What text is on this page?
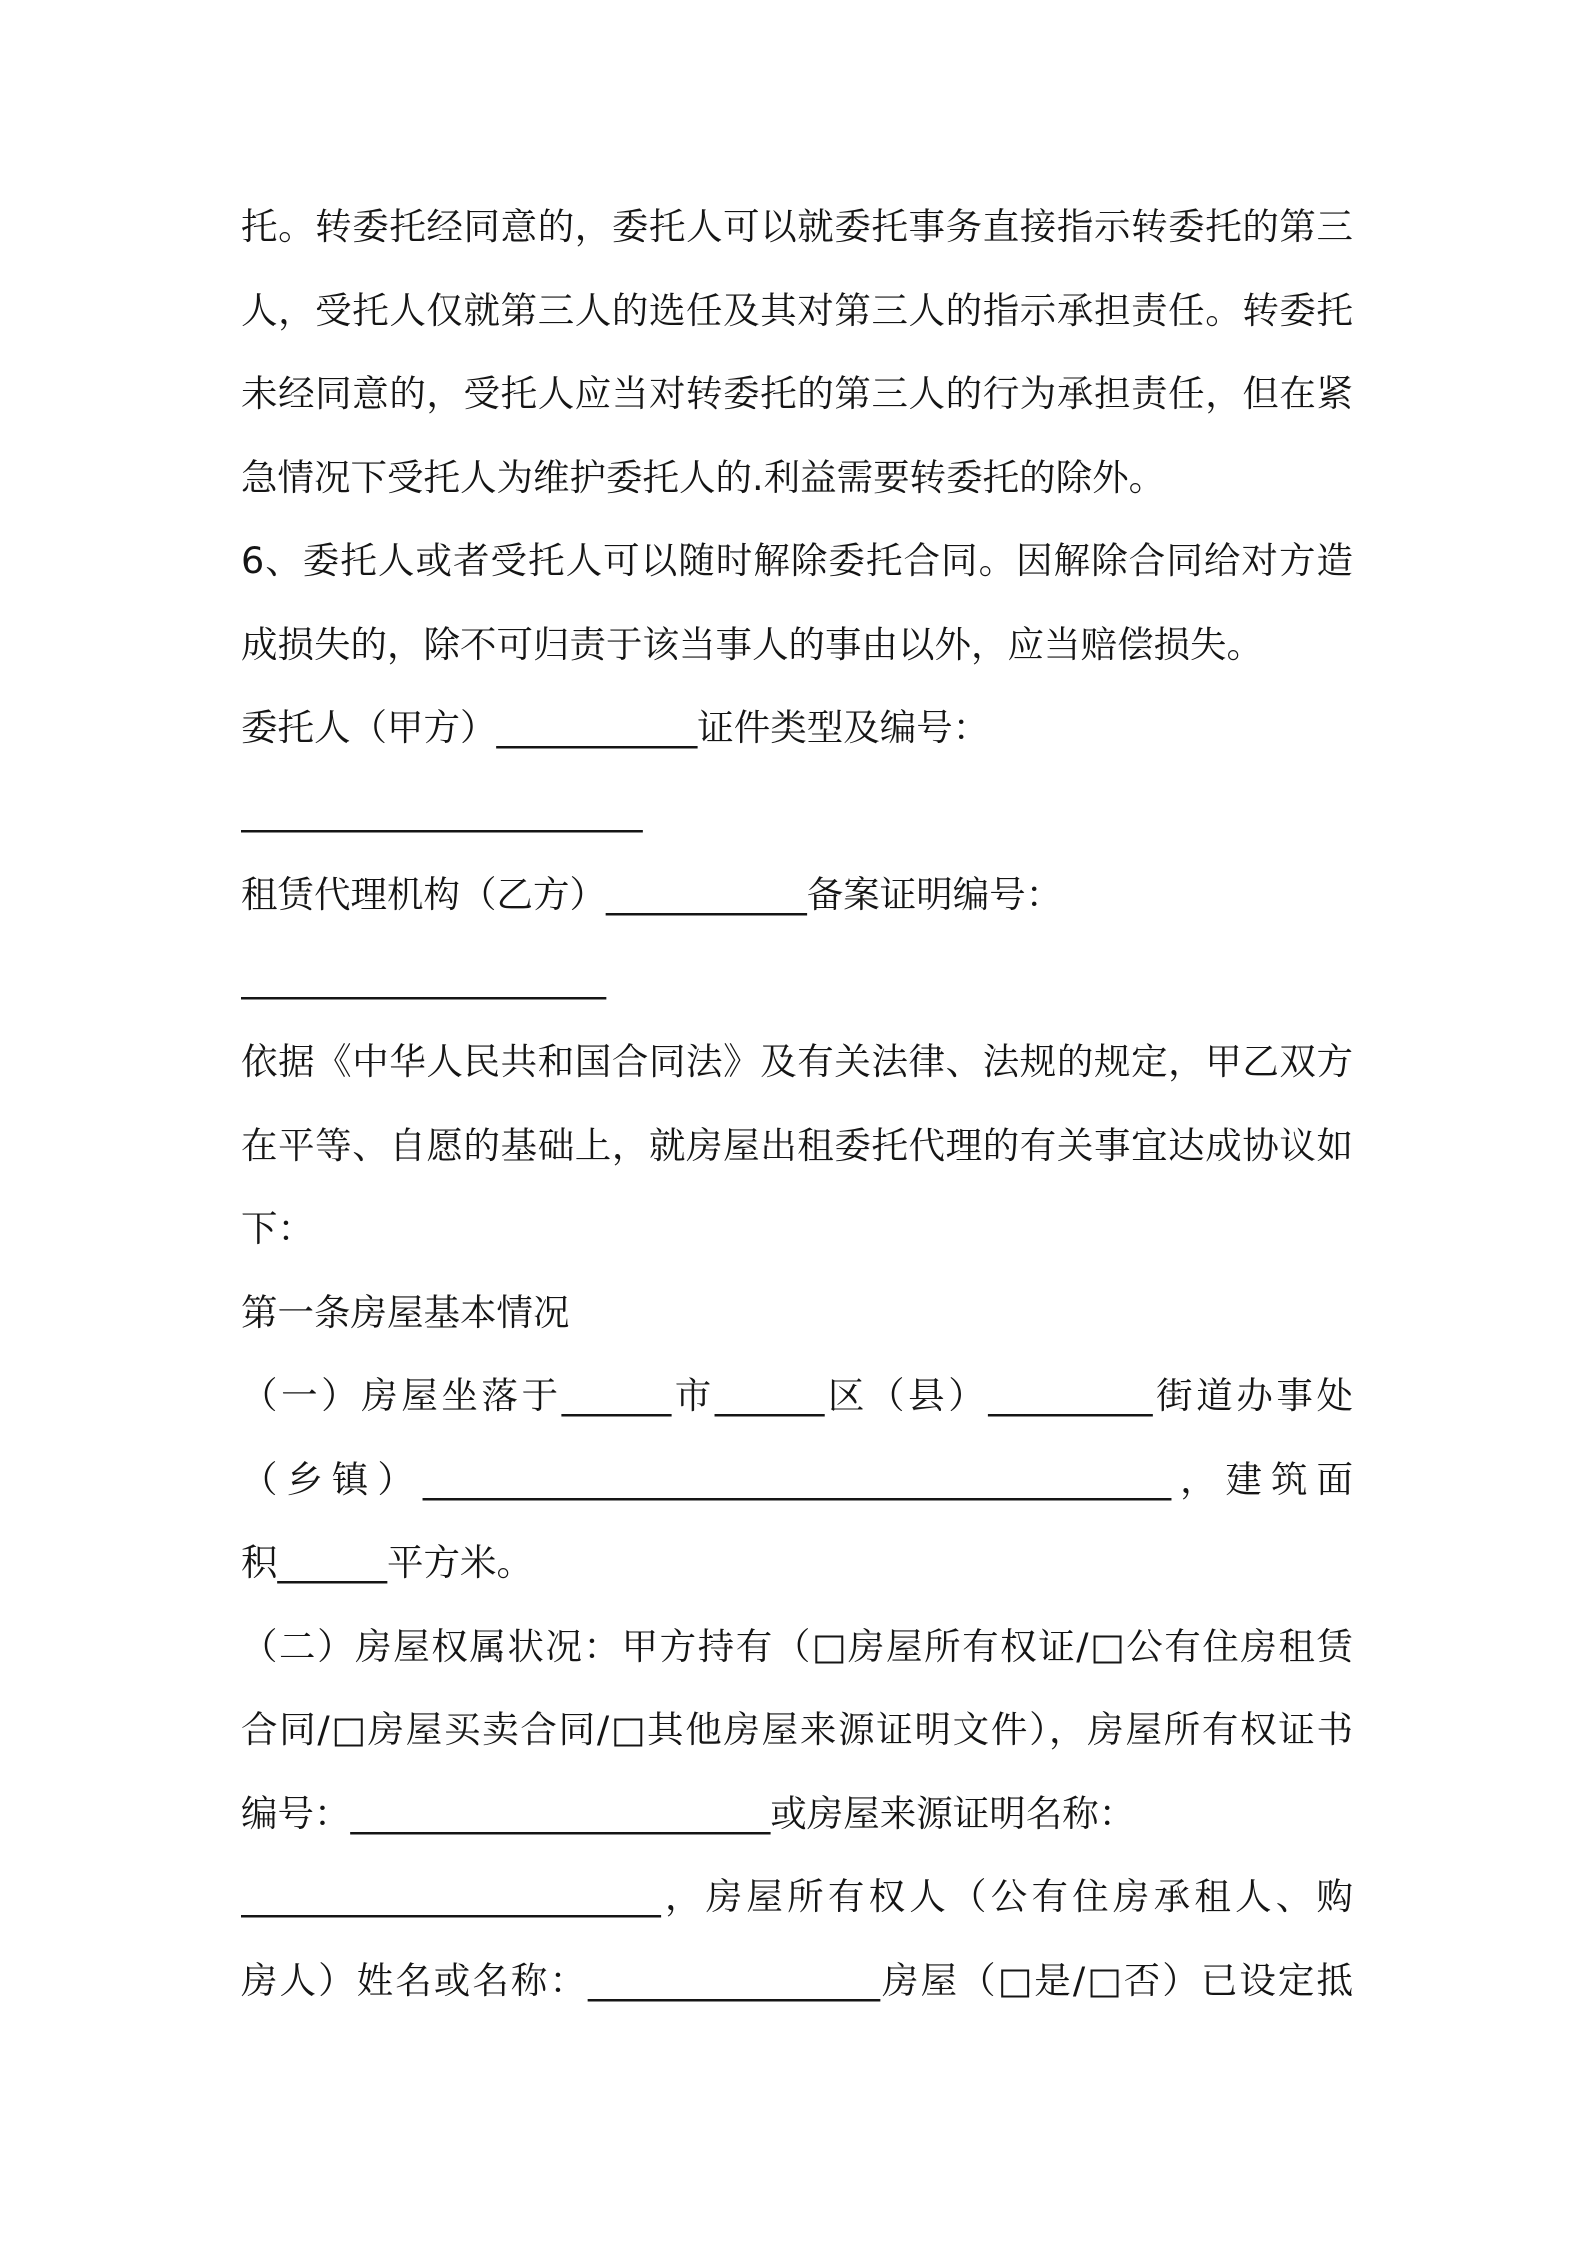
托。转委托经同意的，委托人可以就委托事务直接指示转委托的第三
人，受托人仅就第三人的选任及其对第三人的指示承担责任。转委托
未经同意的，受托人应当对转委托的第三人的行为承担责任，但在紧
急情况下受托人为维护委托人的.利益需要转委托的除外。
6、委托人或者受托人可以随时解除委托合同。因解除合同给对方造
成损失的，除不可归责于该当事人的事由以外，应当赔偿损失。
委托人（甲方）___________证件类型及编号：
______________________
租赁代理机构（乙方）___________备案证明编号：
____________________
依据《中华人民共和国合同法》及有关法律、法规的规定，甲乙双方
在平等、自愿的基础上，就房屋出租委托代理的有关事宜达成协议如
下：
第一条房屋基本情况
（一）房屋坐落于______市______区（县）_________街道办事处
（乡镇）_________________________________________，建筑面
积______平方米。
（二）房屋权属状况：甲方持有（□房屋所有权证/□公有住房租赁
合同/□房屋买卖合同/□其他房屋来源证明文件），房屋所有权证书
编号：_______________________或房屋来源证明名称：
_______________________，房屋所有权人（公有住房承租人、购
房人）姓名或名称：________________房屋（□是/□否）已设定抵
